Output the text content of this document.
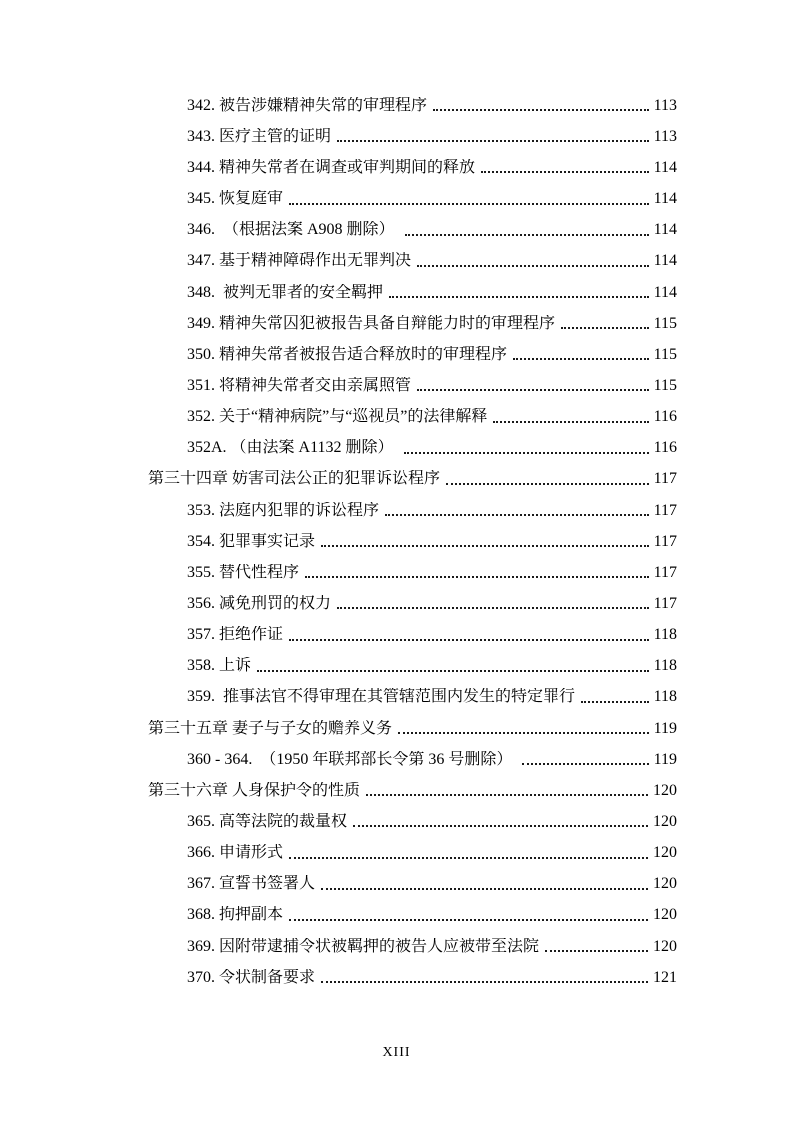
342. 被告涉嫌精神失常的审理程序	113
343. 医疗主管的证明	113
344. 精神失常者在调查或审判期间的释放	114
345. 恢复庭审	114
346.  （根据法案 A908 删除）	114
347. 基于精神障碍作出无罪判决	114
348.  被判无罪者的安全羁押	114
349. 精神失常囚犯被报告具备自辩能力时的审理程序	115
350. 精神失常者被报告适合释放时的审理程序	115
351. 将精神失常者交由亲属照管	115
352. 关于“精神病院”与“巡视员”的法律解释	116
352A. （由法案 A1132 删除）	116
第三十四章 妨害司法公正的犯罪诉讼程序	117
353. 法庭内犯罪的诉讼程序	117
354. 犯罪事实记录	117
355. 替代性程序	117
356. 减免刑罚的权力	117
357. 拒绝作证	118
358. 上诉	118
359.  推事法官不得审理在其管辖范围内发生的特定罪行	118
第三十五章 妻子与子女的赡养义务	119
360 - 364.  （1950 年联邦部长令第 36 号删除）	119
第三十六章 人身保护令的性质	120
365. 高等法院的裁量权	120
366. 申请形式	120
367. 宣誓书签署人	120
368. 拘押副本	120
369. 因附带逮捕令状被羁押的被告人应被带至法院	120
370. 令状制备要求	121
XIII
